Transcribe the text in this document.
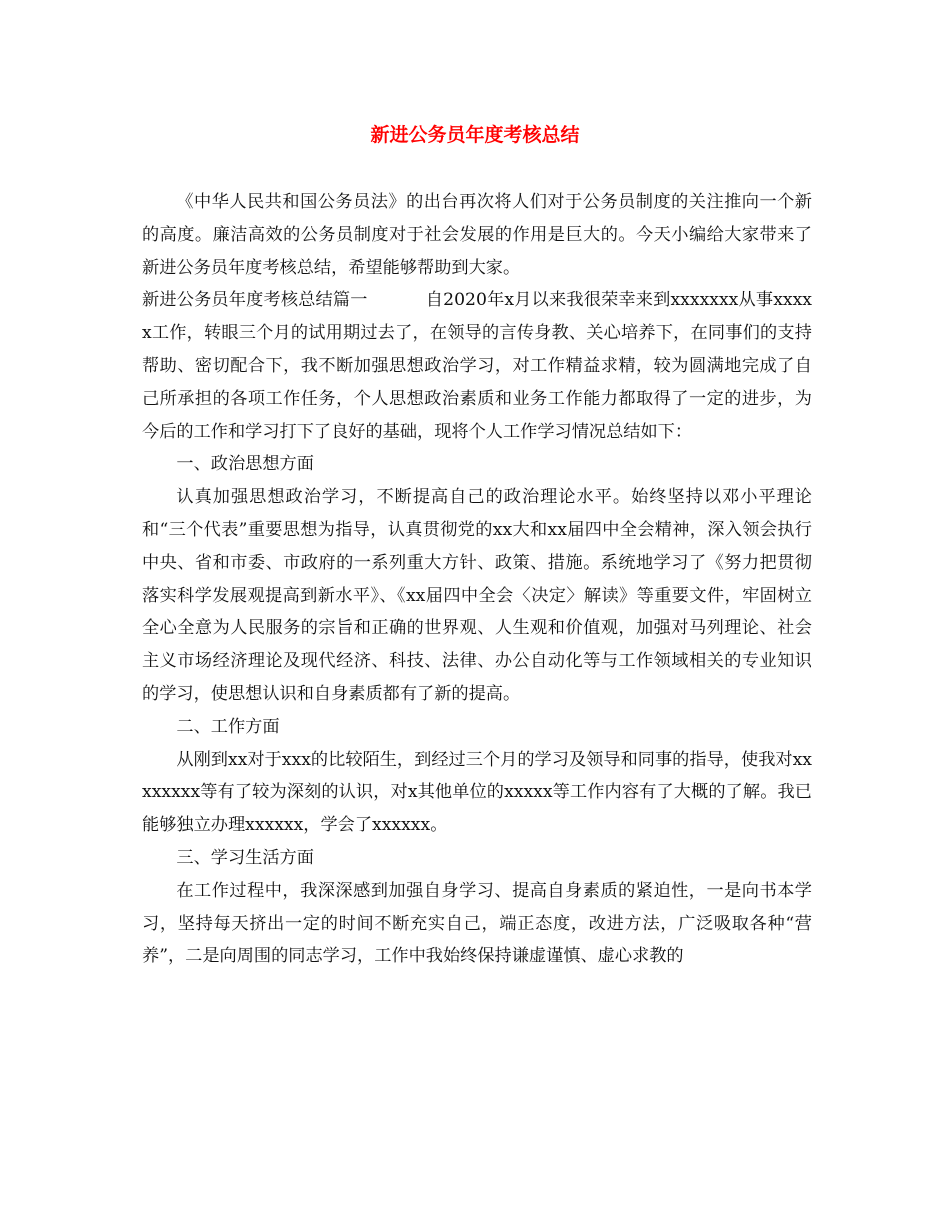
新进公务员年度考核总结

《中华人民共和国公务员法》的出台再次将人们对于公务员制度的关注推向一个新的高度。廉洁高效的公务员制度对于社会发展的作用是巨大的。今天小编给大家带来了新进公务员年度考核总结，希望能够帮助到大家。

新进公务员年度考核总结篇一	自2020年x月以来我很荣幸来到xxxxxxx从事xxxxx工作，转眼三个月的试用期过去了，在领导的言传身教、关心培养下，在同事们的支持帮助、密切配合下，我不断加强思想政治学习，对工作精益求精，较为圆满地完成了自己所承担的各项工作任务，个人思想政治素质和业务工作能力都取得了一定的进步，为今后的工作和学习打下了良好的基础，现将个人工作学习情况总结如下：

一、政治思想方面

认真加强思想政治学习，不断提高自己的政治理论水平。始终坚持以邓小平理论和“三个代表”重要思想为指导，认真贯彻党的xx大和xx届四中全会精神，深入领会执行中央、省和市委、市政府的一系列重大方针、政策、措施。系统地学习了《努力把贯彻落实科学发展观提高到新水平》、《xx届四中全会〈决定〉解读》等重要文件，牢固树立全心全意为人民服务的宗旨和正确的世界观、人生观和价值观，加强对马列理论、社会主义市场经济理论及现代经济、科技、法律、办公自动化等与工作领域相关的专业知识的学习，使思想认识和自身素质都有了新的提高。

二、工作方面

从刚到xx对于xxx的比较陌生，到经过三个月的学习及领导和同事的指导，使我对xxxxxxxx等有了较为深刻的认识，对x其他单位的xxxxx等工作内容有了大概的了解。我已能够独立办理xxxxxx，学会了xxxxxx。

三、学习生活方面

在工作过程中，我深深感到加强自身学习、提高自身素质的紧迫性，一是向书本学习，坚持每天挤出一定的时间不断充实自己，端正态度，改进方法，广泛吸取各种“营养”，二是向周围的同志学习，工作中我始终保持谦虚谨慎、虚心求教的
